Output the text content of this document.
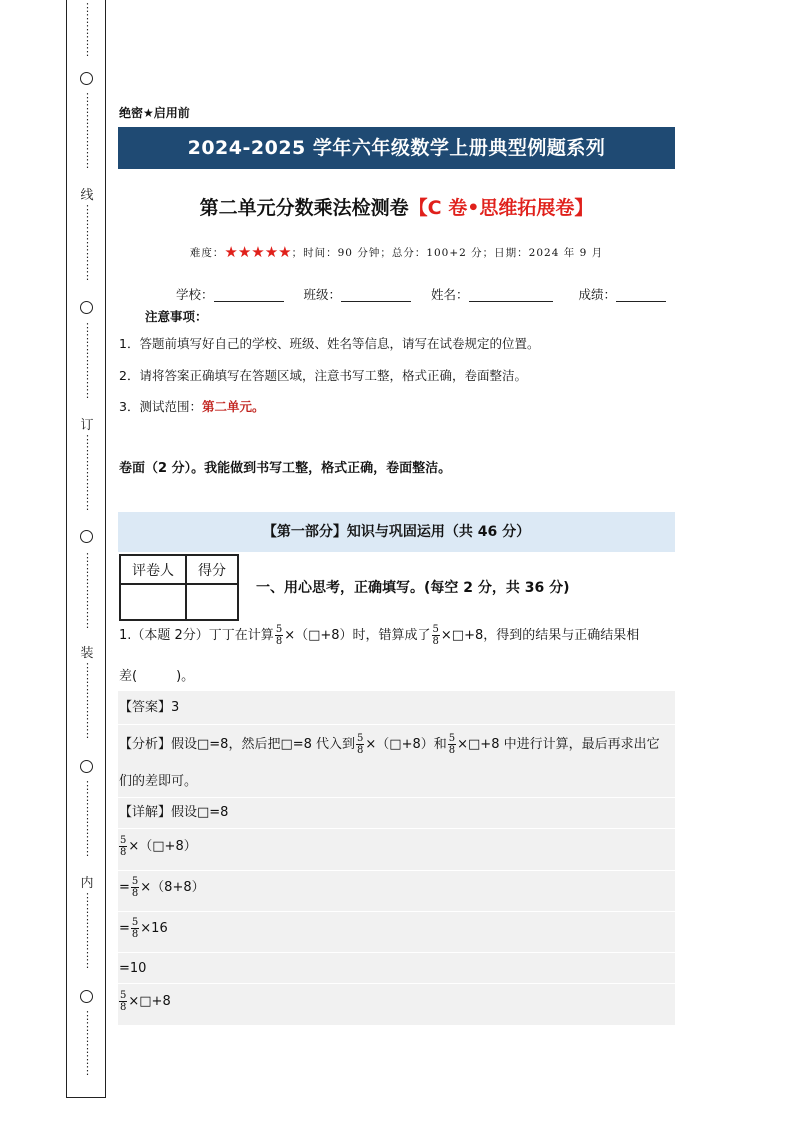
⋮⋮⋮⋮⋮
⋮⋮⋮⋮⋮⋮⋮
线
⋮⋮⋮⋮⋮⋮⋮
⋮⋮⋮⋮⋮⋮⋮
订
⋮⋮⋮⋮⋮⋮⋮
⋮⋮⋮⋮⋮⋮⋮
装
⋮⋮⋮⋮⋮⋮⋮
⋮⋮⋮⋮⋮⋮⋮
内
⋮⋮⋮⋮⋮⋮⋮
⋮⋮⋮⋮⋮⋮
绝密★启用前
2024-2025 学年六年级数学上册典型例题系列
第二单元分数乘法检测卷【C 卷•思维拓展卷】
难度：★★★★★；时间：90 分钟；总分：100+2 分；日期：2024 年 9 月
学校：	班级：	姓名：	成绩：
注意事项：
1．答题前填写好自己的学校、班级、姓名等信息，请写在试卷规定的位置。
2．请将答案正确填写在答题区域，注意书写工整，格式正确，卷面整洁。
3．测试范围：第二单元。
卷面（2 分）。我能做到书写工整，格式正确，卷面整洁。
【第一部分】知识与巩固运用（共 46 分）
评卷人	得分

一、用心思考，正确填写。(每空 2 分，共 36 分)
1.（本题 2分）丁丁在计算 $\frac{5}{8}$ ×（□+8）时，错算成了 $\frac{5}{8}$ ×□+8，得到的结果与正确结果相
差(　　　)。
【答案】3
【分析】假设□=8，然后把□=8 代入到 $\frac{5}{8}$ ×（□+8）和 $\frac{5}{8}$ ×□+8 中进行计算，最后再求出它
们的差即可。
【详解】假设□=8
$\frac{5}{8}$ ×（□+8）
= $\frac{5}{8} \times(8+8)$
= $\frac{5}{8} \times 16$
=10
$\frac{5}{8}$ ×□+8
